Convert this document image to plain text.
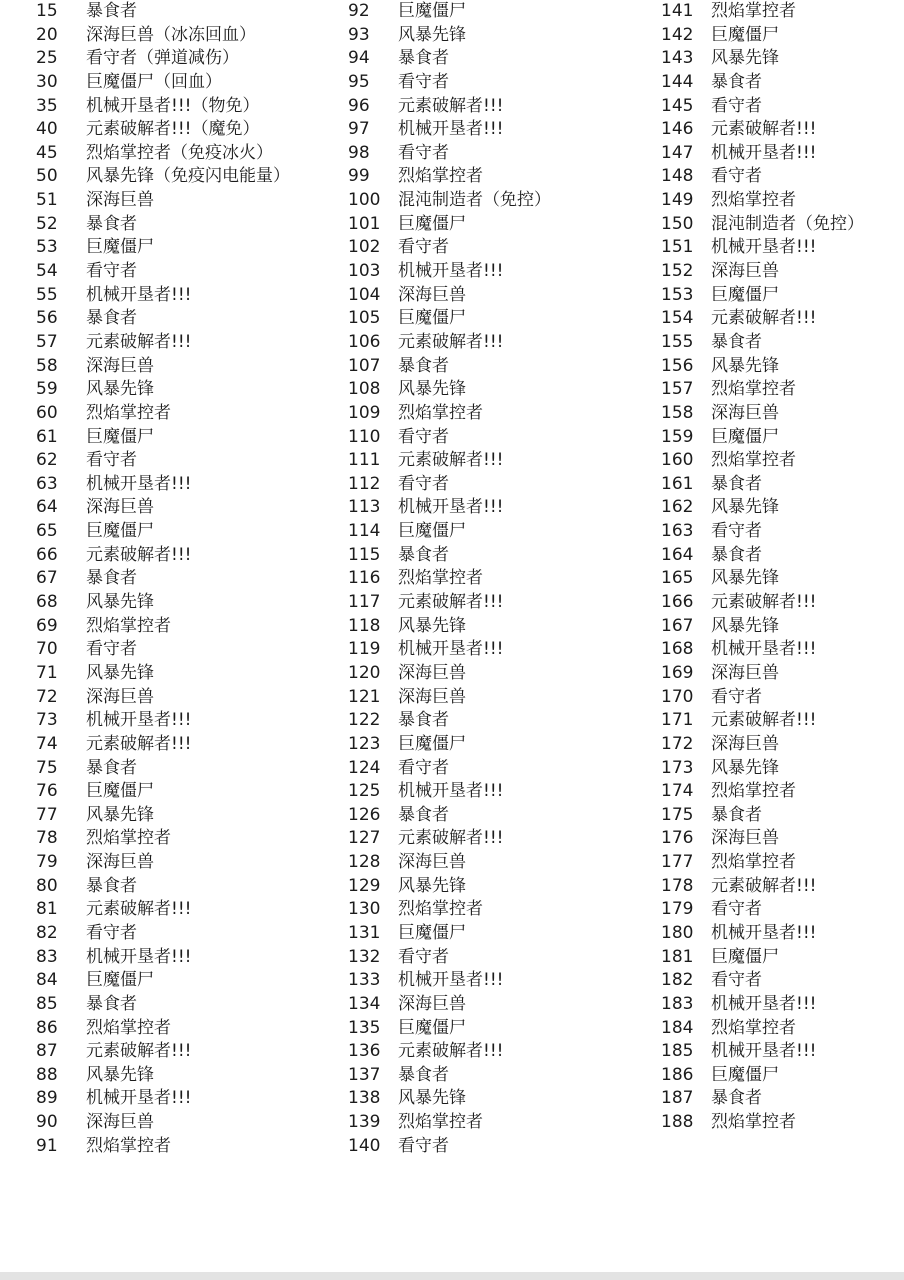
15	暴食者
20	深海巨兽（冰冻回血）
25	看守者（弹道减伤）
30	巨魔僵尸（回血）
35	机械开垦者!!!（物免）
40	元素破解者!!!（魔免）
45	烈焰掌控者（免疫冰火）
50	风暴先锋（免疫闪电能量）
51	深海巨兽
52	暴食者
53	巨魔僵尸
54	看守者
55	机械开垦者!!!
56	暴食者
57	元素破解者!!!
58	深海巨兽
59	风暴先锋
60	烈焰掌控者
61	巨魔僵尸
62	看守者
63	机械开垦者!!!
64	深海巨兽
65	巨魔僵尸
66	元素破解者!!!
67	暴食者
68	风暴先锋
69	烈焰掌控者
70	看守者
71	风暴先锋
72	深海巨兽
73	机械开垦者!!!
74	元素破解者!!!
75	暴食者
76	巨魔僵尸
77	风暴先锋
78	烈焰掌控者
79	深海巨兽
80	暴食者
81	元素破解者!!!
82	看守者
83	机械开垦者!!!
84	巨魔僵尸
85	暴食者
86	烈焰掌控者
87	元素破解者!!!
88	风暴先锋
89	机械开垦者!!!
90	深海巨兽
91	烈焰掌控者
92	巨魔僵尸
93	风暴先锋
94	暴食者
95	看守者
96	元素破解者!!!
97	机械开垦者!!!
98	看守者
99	烈焰掌控者
100	混沌制造者（免控）
101	巨魔僵尸
102	看守者
103	机械开垦者!!!
104	深海巨兽
105	巨魔僵尸
106	元素破解者!!!
107	暴食者
108	风暴先锋
109	烈焰掌控者
110	看守者
111	元素破解者!!!
112	看守者
113	机械开垦者!!!
114	巨魔僵尸
115	暴食者
116	烈焰掌控者
117	元素破解者!!!
118	风暴先锋
119	机械开垦者!!!
120	深海巨兽
121	深海巨兽
122	暴食者
123	巨魔僵尸
124	看守者
125	机械开垦者!!!
126	暴食者
127	元素破解者!!!
128	深海巨兽
129	风暴先锋
130	烈焰掌控者
131	巨魔僵尸
132	看守者
133	机械开垦者!!!
134	深海巨兽
135	巨魔僵尸
136	元素破解者!!!
137	暴食者
138	风暴先锋
139	烈焰掌控者
140	看守者
141	烈焰掌控者
142	巨魔僵尸
143	风暴先锋
144	暴食者
145	看守者
146	元素破解者!!!
147	机械开垦者!!!
148	看守者
149	烈焰掌控者
150	混沌制造者（免控）
151	机械开垦者!!!
152	深海巨兽
153	巨魔僵尸
154	元素破解者!!!
155	暴食者
156	风暴先锋
157	烈焰掌控者
158	深海巨兽
159	巨魔僵尸
160	烈焰掌控者
161	暴食者
162	风暴先锋
163	看守者
164	暴食者
165	风暴先锋
166	元素破解者!!!
167	风暴先锋
168	机械开垦者!!!
169	深海巨兽
170	看守者
171	元素破解者!!!
172	深海巨兽
173	风暴先锋
174	烈焰掌控者
175	暴食者
176	深海巨兽
177	烈焰掌控者
178	元素破解者!!!
179	看守者
180	机械开垦者!!!
181	巨魔僵尸
182	看守者
183	机械开垦者!!!
184	烈焰掌控者
185	机械开垦者!!!
186	巨魔僵尸
187	暴食者
188	烈焰掌控者
